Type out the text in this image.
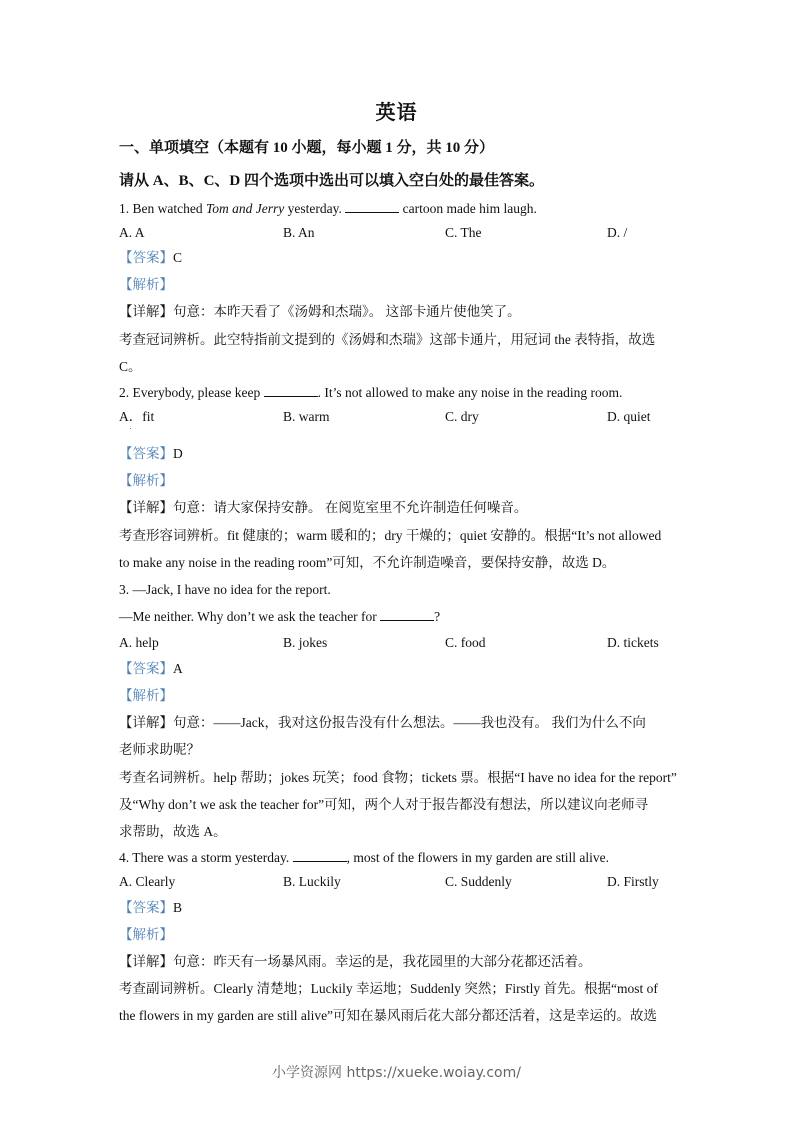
英语
一、单项填空（本题有 10 小题，每小题 1 分，共 10 分）
请从 A、B、C、D 四个选项中选出可以填入空白处的最佳答案。
1. Ben watched Tom and Jerry yesterday.	cartoon made him laugh.
A. A	B. An	C. The	D. /
【答案】C
【解析】
【详解】句意：本昨天看了《汤姆和杰瑞》。 这部卡通片使他笑了。
考查冠词辨析。此空特指前文提到的《汤姆和杰瑞》这部卡通片，用冠词 the 表特指，故选
C。
2. Everybody, please keep	. It’s not allowed to make any noise in the reading room.
A．fit	B. warm	C. dry	D. quiet
【答案】D
【解析】
【详解】句意：请大家保持安静。 在阅览室里不允许制造任何噪音。
考查形容词辨析。fit 健康的；warm 暖和的；dry 干燥的；quiet 安静的。根据“It’s not allowed
to make any noise in the reading room”可知，不允许制造噪音，要保持安静，故选 D。
3. —Jack, I have no idea for the report.
—Me neither. Why don’t we ask the teacher for	?
A. help	B. jokes	C. food	D. tickets
【答案】A
【解析】
【详解】句意：——Jack，我对这份报告没有什么想法。——我也没有。 我们为什么不向
老师求助呢？
考查名词辨析。help 帮助；jokes 玩笑；food 食物；tickets 票。根据“I have no idea for the report”
及“Why don’t we ask the teacher for”可知，两个人对于报告都没有想法，所以建议向老师寻
求帮助，故选 A。
4. There was a storm yesterday.	, most of the flowers in my garden are still alive.
A. Clearly	B. Luckily	C. Suddenly	D. Firstly
【答案】B
【解析】
【详解】句意：昨天有一场暴风雨。幸运的是，我花园里的大部分花都还活着。
考查副词辨析。Clearly 清楚地；Luckily 幸运地；Suddenly 突然；Firstly 首先。根据“most of
the flowers in my garden are still alive”可知在暴风雨后花大部分都还活着，这是幸运的。故选
小学资源网 https://xueke.woiay.com/
